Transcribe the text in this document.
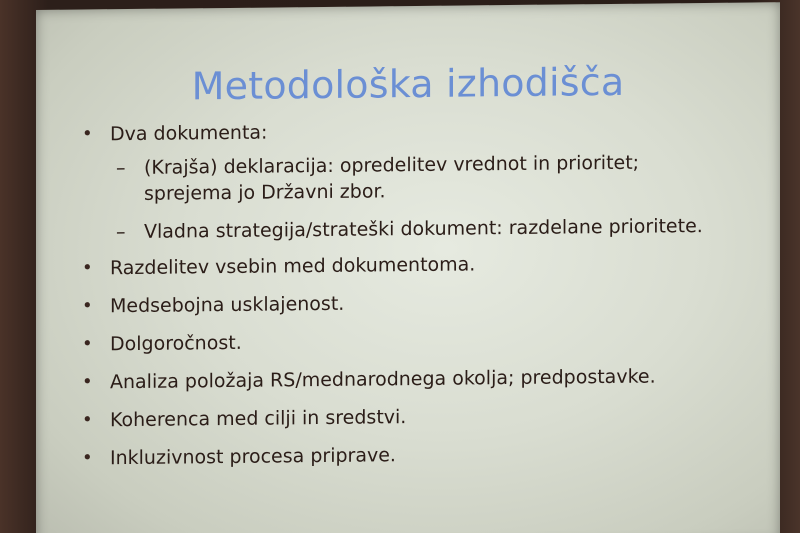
Metodološka izhodišča

• Dva dokumenta:

– (Krajša) deklaracija: opredelitev vrednot in prioritet;

sprejema jo Državni zbor.

– Vladna strategija/strateški dokument: razdelane prioritete.

• Razdelitev vsebin med dokumentoma.

• Medsebojna usklajenost.

• Dolgoročnost.

• Analiza položaja RS/mednarodnega okolja; predpostavke.

• Koherenca med cilji in sredstvi.

• Inkluzivnost procesa priprave.
